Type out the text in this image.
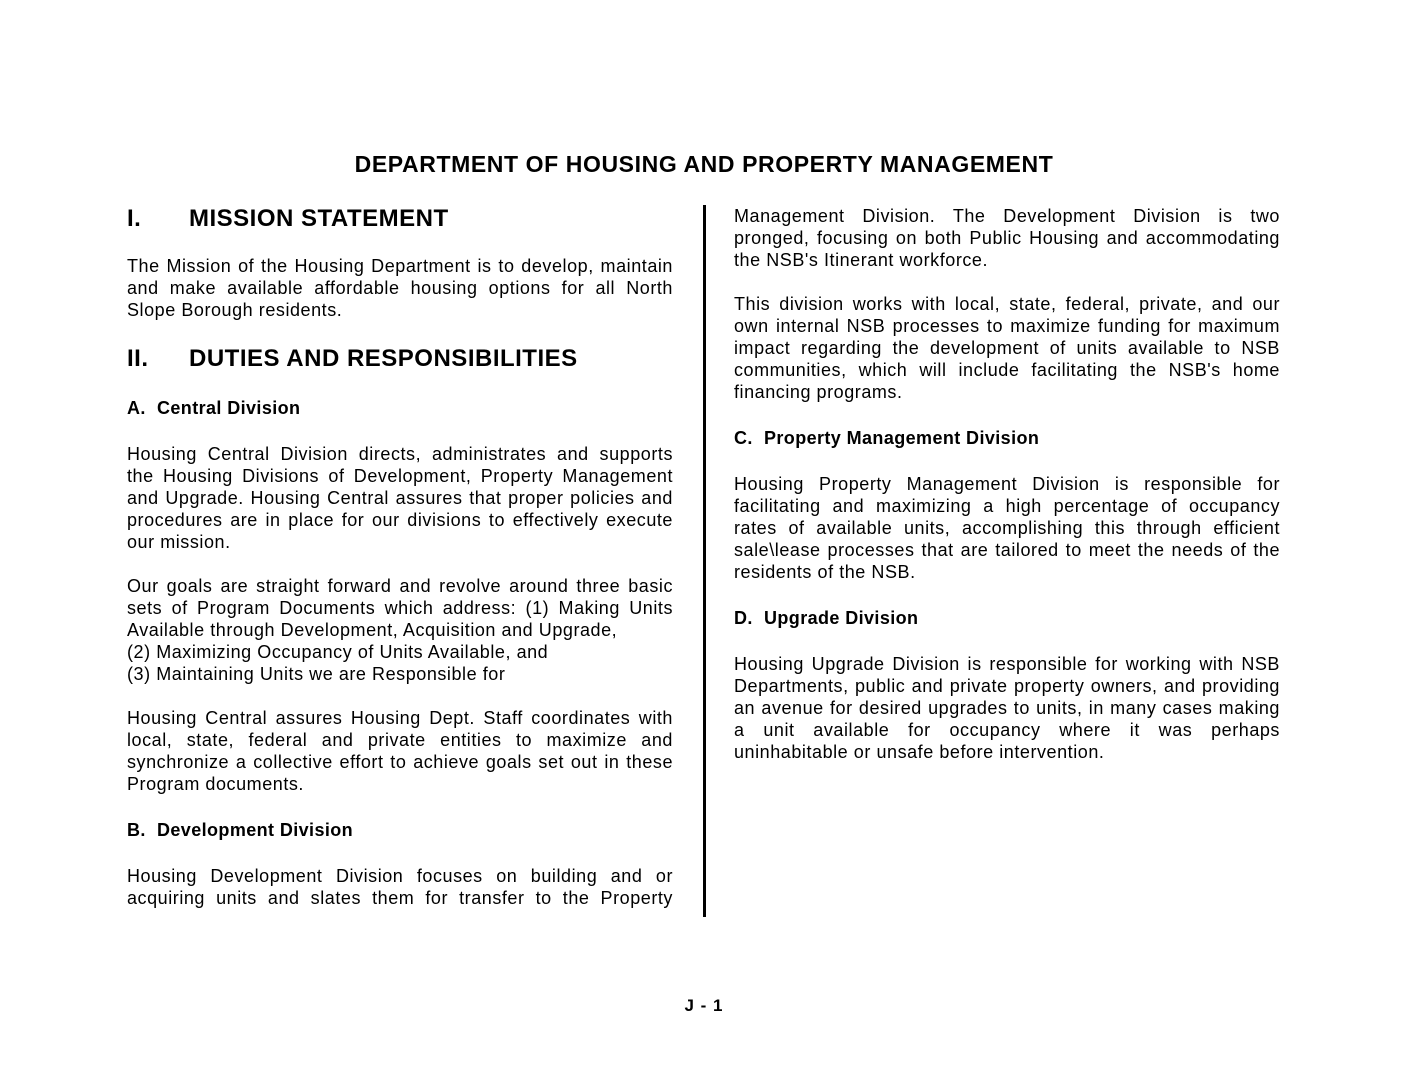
DEPARTMENT OF HOUSING AND PROPERTY MANAGEMENT
I.	MISSION STATEMENT

The Mission of the Housing Department is to develop, maintain and make available affordable housing options for all North Slope Borough residents.

II.	DUTIES AND RESPONSIBILITIES
A. Central Division

Housing Central Division directs, administrates and supports the Housing Divisions of Development, Property Management and Upgrade. Housing Central assures that proper policies and procedures are in place for our divisions to effectively execute our mission.

Our goals are straight forward and revolve around three basic sets of Program Documents which address: (1) Making Units Available through Development, Acquisition and Upgrade,

(2) Maximizing Occupancy of Units Available, and
(3) Maintaining Units we are Responsible for

Housing Central assures Housing Dept. Staff coordinates with local, state, federal and private entities to maximize and synchronize a collective effort to achieve goals set out in these Program documents.

B. Development Division

Housing Development Division focuses on building and or acquiring units and slates them for transfer to the Property

Management Division. The Development Division is two pronged, focusing on both Public Housing and accommodating the NSB's Itinerant workforce.

This division works with local, state, federal, private, and our own internal NSB processes to maximize funding for maximum impact regarding the development of units available to NSB communities, which will include facilitating the NSB's home financing programs.

C. Property Management Division

Housing Property Management Division is responsible for facilitating and maximizing a high percentage of occupancy rates of available units, accomplishing this through efficient sale\lease processes that are tailored to meet the needs of the residents of the NSB.

D. Upgrade Division

Housing Upgrade Division is responsible for working with NSB Departments, public and private property owners, and providing an avenue for desired upgrades to units, in many cases making a unit available for occupancy where it was perhaps uninhabitable or unsafe before intervention.

J - 1
